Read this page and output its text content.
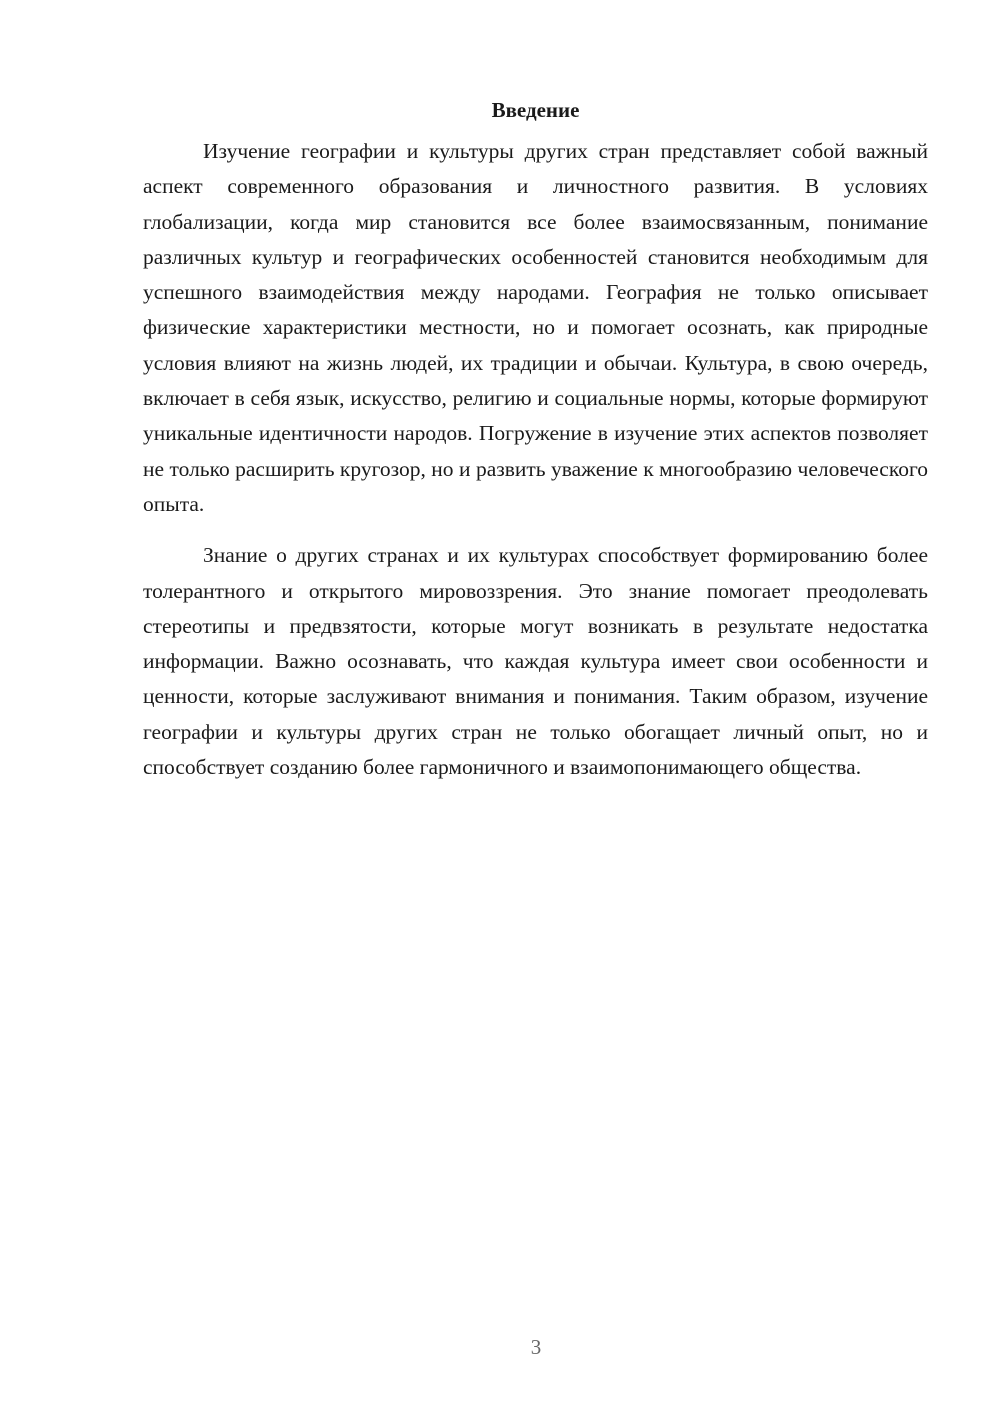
Введение

Изучение географии и культуры других стран представляет собой важный аспект современного образования и личностного развития. В условиях глобализации, когда мир становится все более взаимосвязанным, понимание различных культур и географических особенностей становится необходимым для успешного взаимодействия между народами. География не только описывает физические характеристики местности, но и помогает осознать, как природные условия влияют на жизнь людей, их традиции и обычаи. Культура, в свою очередь, включает в себя язык, искусство, религию и социальные нормы, которые формируют уникальные идентичности народов. Погружение в изучение этих аспектов позволяет не только расширить кругозор, но и развить уважение к многообразию человеческого опыта.

Знание о других странах и их культурах способствует формированию более толерантного и открытого мировоззрения. Это знание помогает преодолевать стереотипы и предвзятости, которые могут возникать в результате недостатка информации. Важно осознавать, что каждая культура имеет свои особенности и ценности, которые заслуживают внимания и понимания. Таким образом, изучение географии и культуры других стран не только обогащает личный опыт, но и способствует созданию более гармоничного и взаимопонимающего общества.

3
